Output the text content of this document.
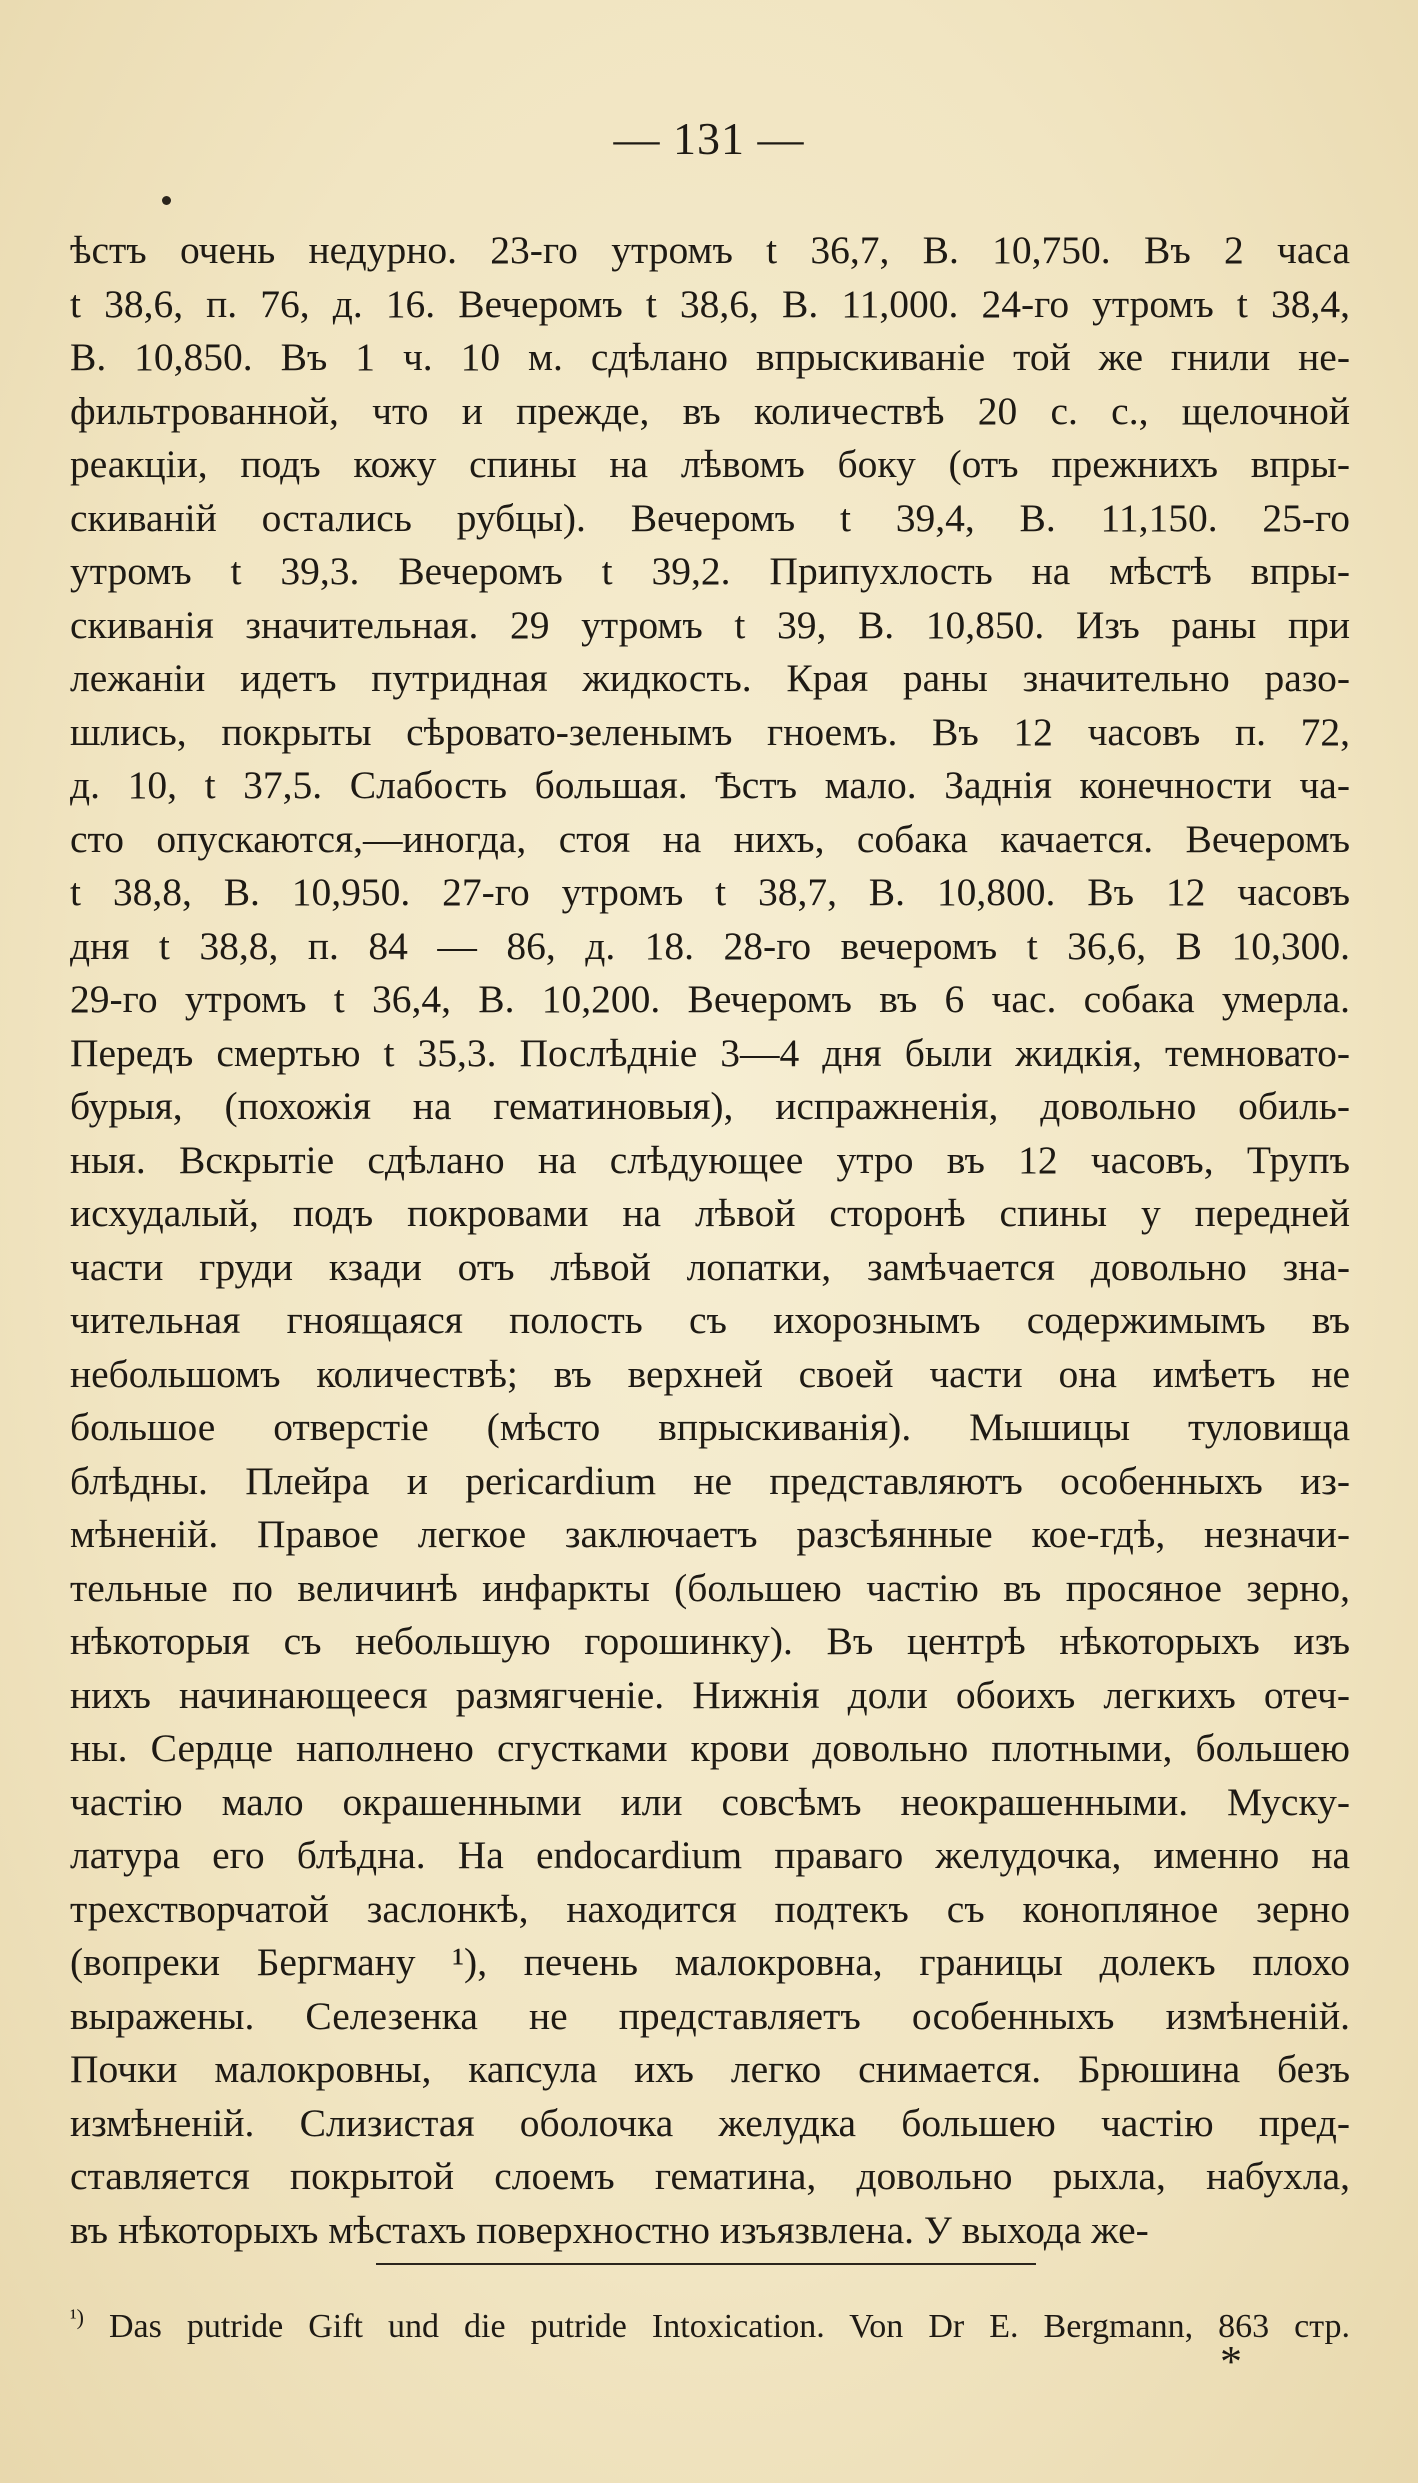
— 131 —
ѣстъ очень недурно. 23-го утромъ t 36,7, В. 10,750. Въ 2 часа
t 38,6, п. 76, д. 16. Вечеромъ t 38,6, В. 11,000. 24-го утромъ t 38,4,
В. 10,850. Въ 1 ч. 10 м. сдѣлано впрыскиваніе той же гнили не-
фильтрованной, что и прежде, въ количествѣ 20 с. с., щелочной
реакціи, подъ кожу спины на лѣвомъ боку (отъ прежнихъ впры-
скиваній остались рубцы). Вечеромъ t 39,4, В. 11,150. 25-го
утромъ t 39,3. Вечеромъ t 39,2. Припухлость на мѣстѣ впры-
скиванія значительная. 29 утромъ t 39, В. 10,850. Изъ раны при
лежаніи идетъ путридная жидкость. Края раны значительно разо-
шлись, покрыты сѣровато-зеленымъ гноемъ. Въ 12 часовъ п. 72,
д. 10, t 37,5. Слабость большая. Ѣстъ мало. Заднія конечности ча-
сто опускаются,—иногда, стоя на нихъ, собака качается. Вечеромъ
t 38,8, В. 10,950. 27-го утромъ t 38,7, В. 10,800. Въ 12 часовъ
дня t 38,8, п. 84 — 86, д. 18. 28-го вечеромъ t 36,6, В 10,300.
29-го утромъ t 36,4, В. 10,200. Вечеромъ въ 6 час. собака умерла.
Передъ смертью t 35,3. Послѣдніе 3—4 дня были жидкія, темновато-
бурыя, (похожія на гематиновыя), испражненія, довольно обиль-
ныя. Вскрытіе сдѣлано на слѣдующее утро въ 12 часовъ, Трупъ
исхудалый, подъ покровами на лѣвой сторонѣ спины у передней
части груди кзади отъ лѣвой лопатки, замѣчается довольно зна-
чительная гноящаяся полость съ ихорознымъ содержимымъ въ
небольшомъ количествѣ; въ верхней своей части она имѣетъ не
большое отверстіе (мѣсто впрыскиванія). Мышицы туловища
блѣдны. Плейра и pericardium не представляютъ особенныхъ из-
мѣненій. Правое легкое заключаетъ разсѣянные кое-гдѣ, незначи-
тельные по величинѣ инфаркты (большею частію въ просяное зерно,
нѣкоторыя съ небольшую горошинку). Въ центрѣ нѣкоторыхъ изъ
нихъ начинающееся размягченіе. Нижнія доли обоихъ легкихъ отеч-
ны. Сердце наполнено сгустками крови довольно плотными, большею
частію мало окрашенными или совсѣмъ неокрашенными. Муску-
латура его блѣдна. На endocardium праваго желудочка, именно на
трехстворчатой заслонкѣ, находится подтекъ съ конопляное зерно
(вопреки Бергману ¹), печень малокровна, границы долекъ плохо
выражены. Селезенка не представляетъ особенныхъ измѣненій.
Почки малокровны, капсула ихъ легко снимается. Брюшина безъ
измѣненій. Слизистая оболочка желудка большею частію пред-
ставляется покрытой слоемъ гематина, довольно рыхла, набухла,
въ нѣкоторыхъ мѣстахъ поверхностно изъязвлена. У выхода же-
$^{^1)}$ Das putride Gift und die putride Intoxication. Von Dr E. Bergmann, 863 стр.
*
